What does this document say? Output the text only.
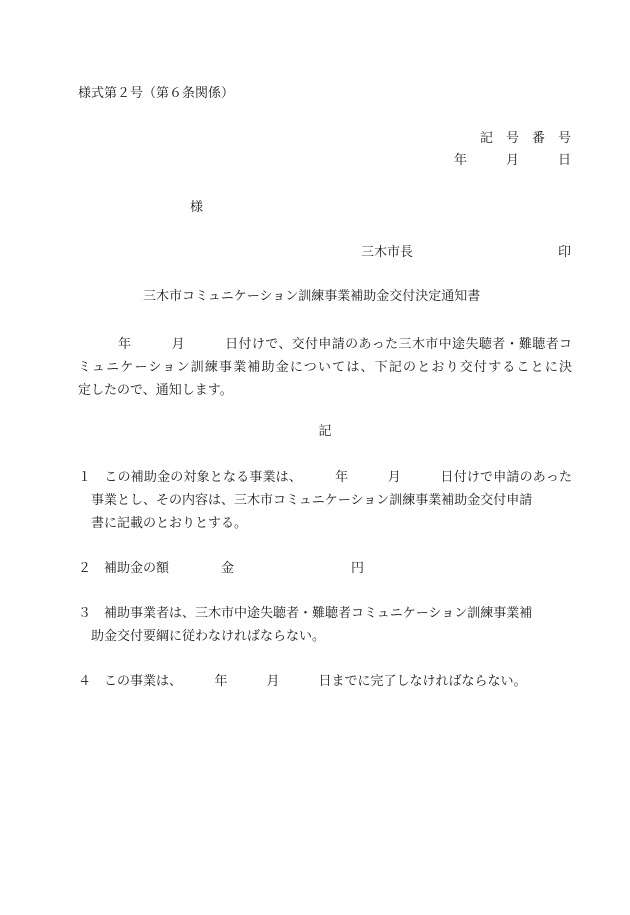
様式第２号（第６条関係）
記　号　番　号
年　　　月　　　日
様
三木市長	印
三木市コミュニケーション訓練事業補助金交付決定通知書
　　　年　　　月　　　日付けで、交付申請のあった三木市中途失聴者・難聴者コ
ミュニケーション訓練事業補助金については、下記のとおり交付することに決
定したので、通知します。
記
１　この補助金の対象となる事業は、　　　年　　　月　　　日付けで申請のあった
事業とし、その内容は、三木市コミュニケーション訓練事業補助金交付申請
書に記載のとおりとする。
２　補助金の額　　　　金　　　　　　　　　円
３　補助事業者は、三木市中途失聴者・難聴者コミュニケーション訓練事業補
助金交付要綱に従わなければならない。
４　この事業は、　　　年　　　月　　　日までに完了しなければならない。
